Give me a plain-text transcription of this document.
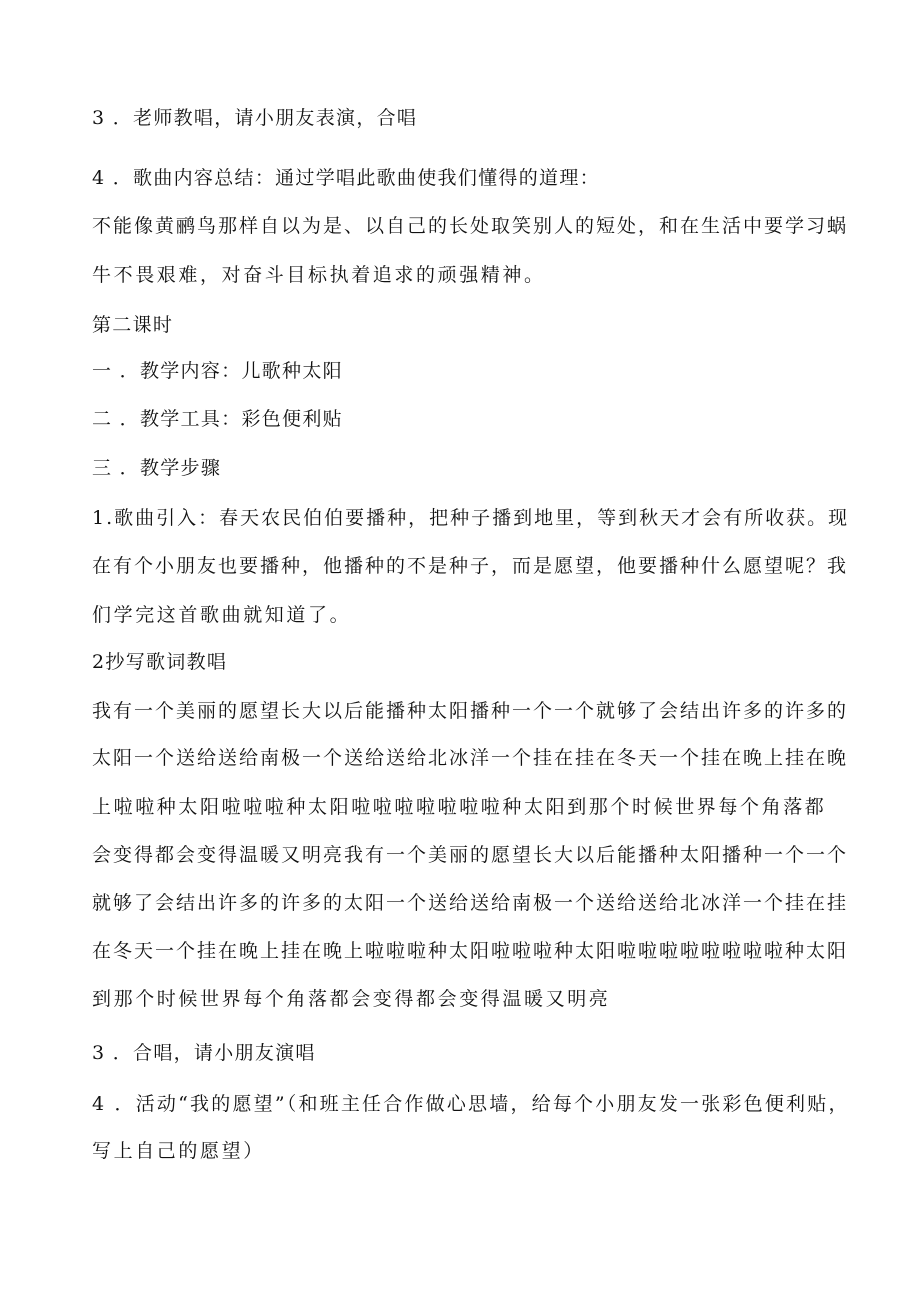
3 ．老师教唱，请小朋友表演，合唱
4 ．歌曲内容总结：通过学唱此歌曲使我们懂得的道理：
不能像黄鹂鸟那样自以为是、以自己的长处取笑别人的短处，和在生活中要学习蜗
牛不畏艰难，对奋斗目标执着追求的顽强精神。
第二课时
一 ．教学内容：儿歌种太阳
二 ．教学工具：彩色便利贴
三 ．教学步骤
1.歌曲引入：春天农民伯伯要播种，把种子播到地里，等到秋天才会有所收获。现
在有个小朋友也要播种，他播种的不是种子，而是愿望，他要播种什么愿望呢？我
们学完这首歌曲就知道了。
2抄写歌词教唱
我有一个美丽的愿望长大以后能播种太阳播种一个一个就够了会结出许多的许多的
太阳一个送给送给南极一个送给送给北冰洋一个挂在挂在冬天一个挂在晚上挂在晚
上啦啦种太阳啦啦啦种太阳啦啦啦啦啦啦啦种太阳到那个时候世界每个角落都
会变得都会变得温暖又明亮我有一个美丽的愿望长大以后能播种太阳播种一个一个
就够了会结出许多的许多的太阳一个送给送给南极一个送给送给北冰洋一个挂在挂
在冬天一个挂在晚上挂在晚上啦啦啦种太阳啦啦啦种太阳啦啦啦啦啦啦啦啦种太阳
到那个时候世界每个角落都会变得都会变得温暖又明亮
3 ．合唱，请小朋友演唱
4 ．活动“我的愿望”（和班主任合作做心思墙，给每个小朋友发一张彩色便利贴，
写上自己的愿望）
